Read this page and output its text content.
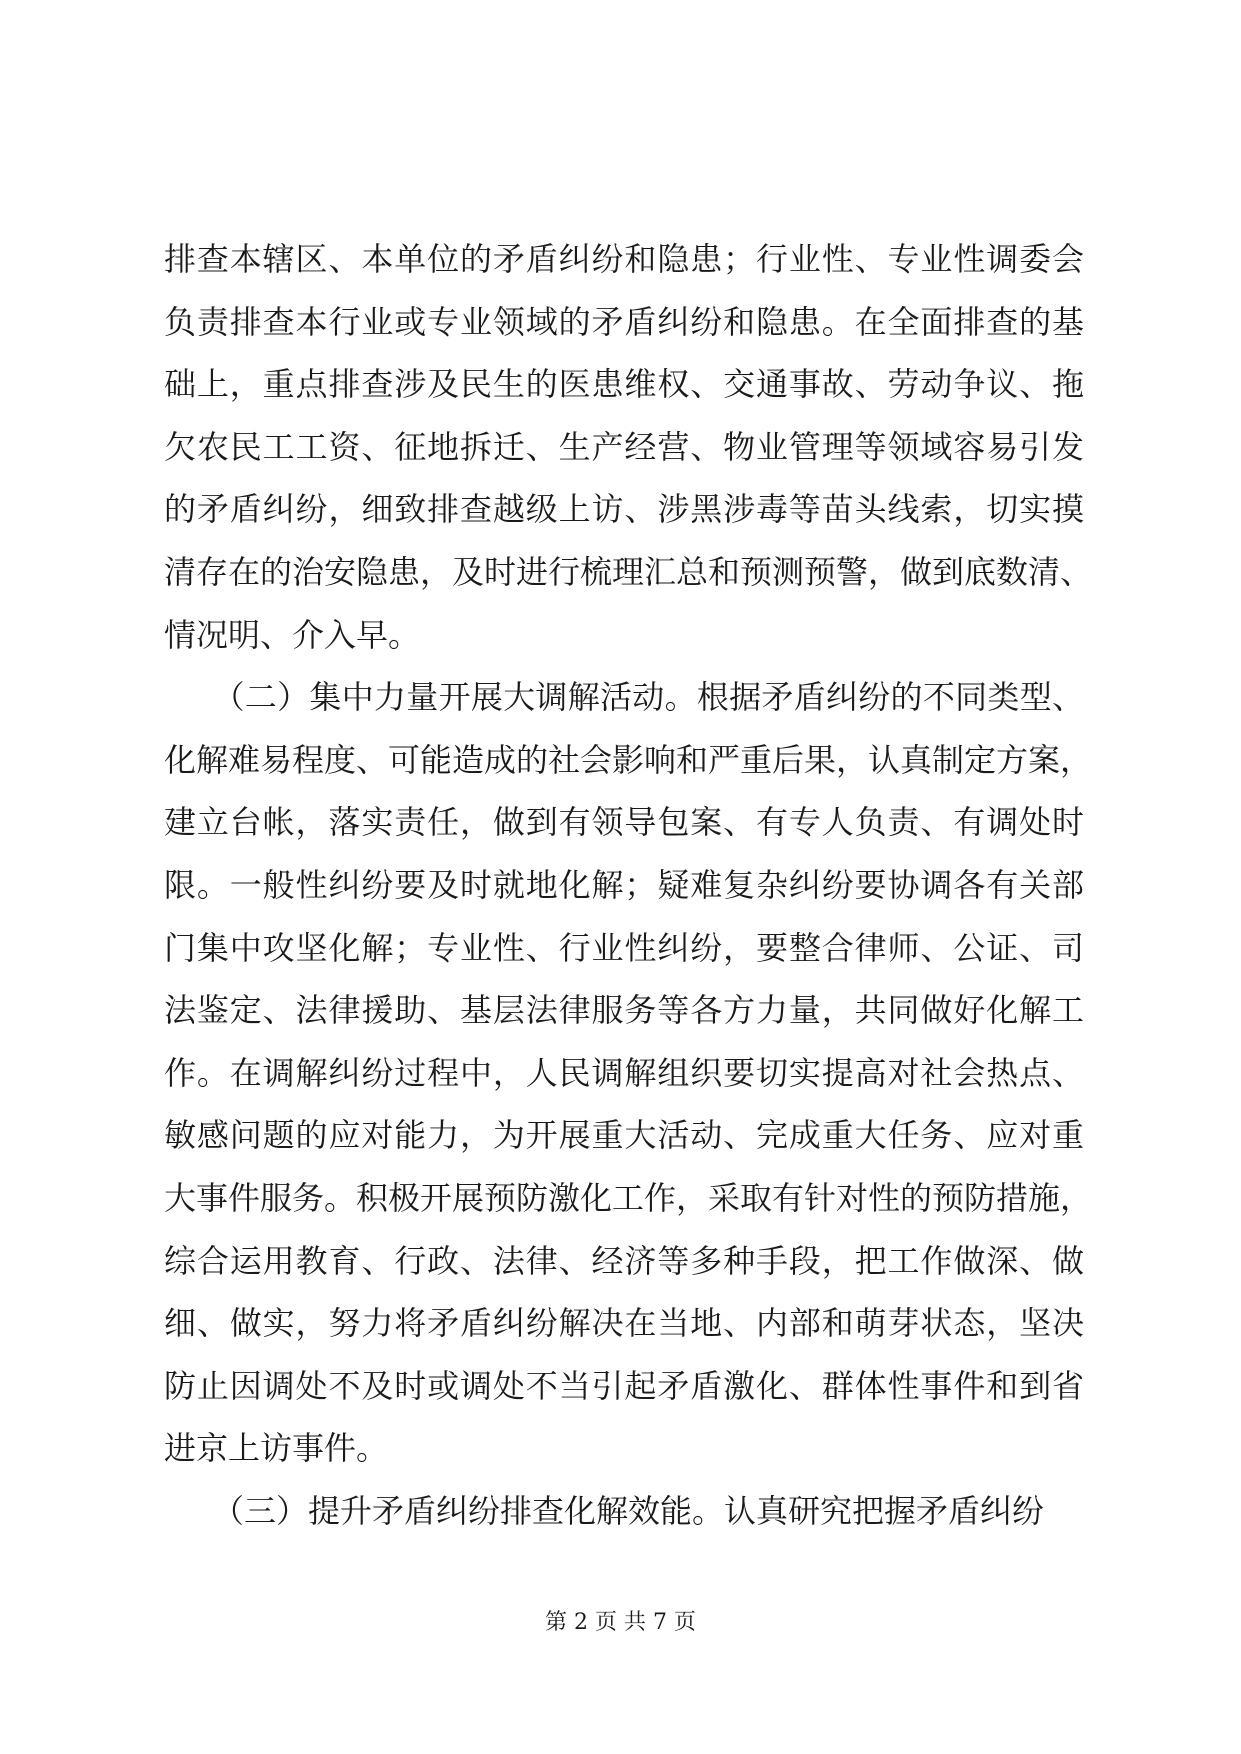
排查本辖区、本单位的矛盾纠纷和隐患；行业性、专业性调委会
负责排查本行业或专业领域的矛盾纠纷和隐患。在全面排查的基
础上，重点排查涉及民生的医患维权、交通事故、劳动争议、拖
欠农民工工资、征地拆迁、生产经营、物业管理等领域容易引发
的矛盾纠纷，细致排查越级上访、涉黑涉毒等苗头线索，切实摸
清存在的治安隐患，及时进行梳理汇总和预测预警，做到底数清、
情况明、介入早。
　　（二）集中力量开展大调解活动。根据矛盾纠纷的不同类型、
化解难易程度、可能造成的社会影响和严重后果，认真制定方案，
建立台帐，落实责任，做到有领导包案、有专人负责、有调处时
限。一般性纠纷要及时就地化解；疑难复杂纠纷要协调各有关部
门集中攻坚化解；专业性、行业性纠纷，要整合律师、公证、司
法鉴定、法律援助、基层法律服务等各方力量，共同做好化解工
作。在调解纠纷过程中，人民调解组织要切实提高对社会热点、
敏感问题的应对能力，为开展重大活动、完成重大任务、应对重
大事件服务。积极开展预防激化工作，采取有针对性的预防措施，
综合运用教育、行政、法律、经济等多种手段，把工作做深、做
细、做实，努力将矛盾纠纷解决在当地、内部和萌芽状态，坚决
防止因调处不及时或调处不当引起矛盾激化、群体性事件和到省
进京上访事件。
　　（三）提升矛盾纠纷排查化解效能。认真研究把握矛盾纠纷
第 2 页 共 7 页
